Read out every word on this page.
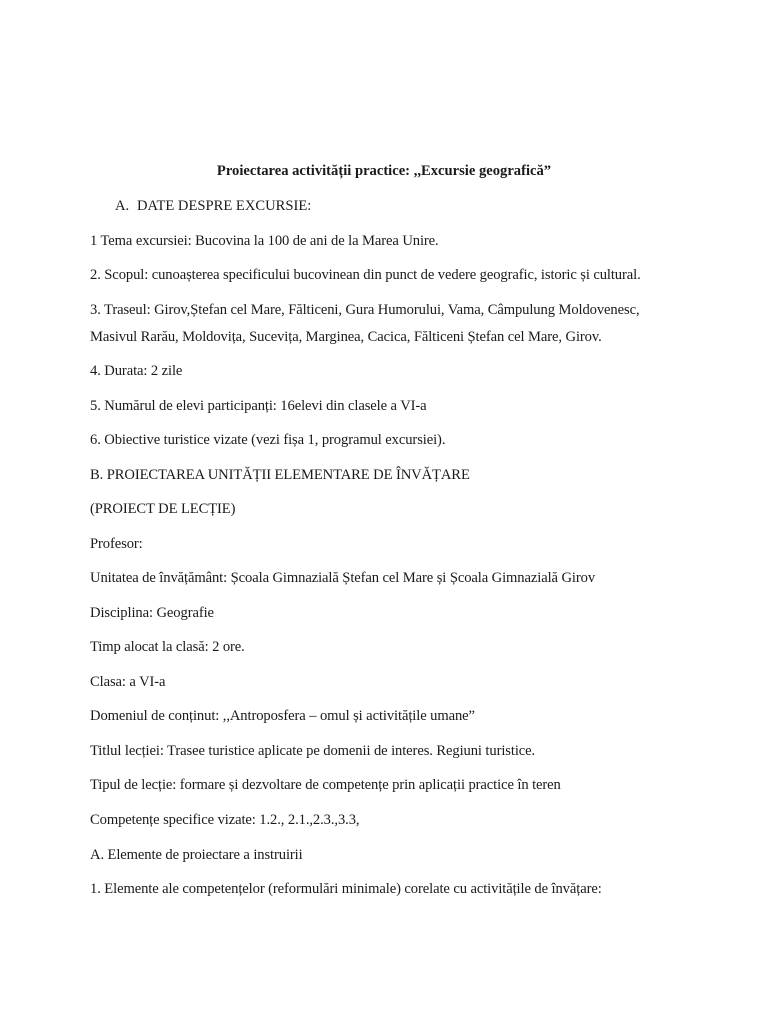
Proiectarea activității practice: ,,Excursie geografică”
A. DATE DESPRE EXCURSIE:
1 Tema excursiei: Bucovina la 100 de ani de la Marea Unire.
2. Scopul: cunoașterea specificului bucovinean din punct de vedere geografic, istoric și cultural.
3. Traseul: Girov,Ștefan cel Mare, Fălticeni, Gura Humorului, Vama, Câmpulung Moldovenesc,
Masivul Rarău, Moldovița, Sucevița, Marginea, Cacica, Fălticeni Ștefan cel Mare, Girov.
4. Durata: 2 zile
5. Numărul de elevi participanți: 16elevi din clasele a VI-a
6. Obiective turistice vizate (vezi fișa 1, programul excursiei).
B. PROIECTAREA UNITĂȚII ELEMENTARE DE ÎNVĂȚARE
(PROIECT DE LECȚIE)
Profesor:
Unitatea de învățământ: Școala Gimnazială Ștefan cel Mare și Școala Gimnazială Girov
Disciplina: Geografie
Timp alocat la clasă: 2 ore.
Clasa: a VI-a
Domeniul de conținut: ,,Antroposfera – omul și activitățile umane”
Titlul lecției: Trasee turistice aplicate pe domenii de interes. Regiuni turistice.
Tipul de lecție: formare și dezvoltare de competențe prin aplicații practice în teren
Competențe specifice vizate: 1.2., 2.1.,2.3.,3.3,
A. Elemente de proiectare a instruirii
1. Elemente ale competențelor (reformulări minimale) corelate cu activitățile de învățare:
